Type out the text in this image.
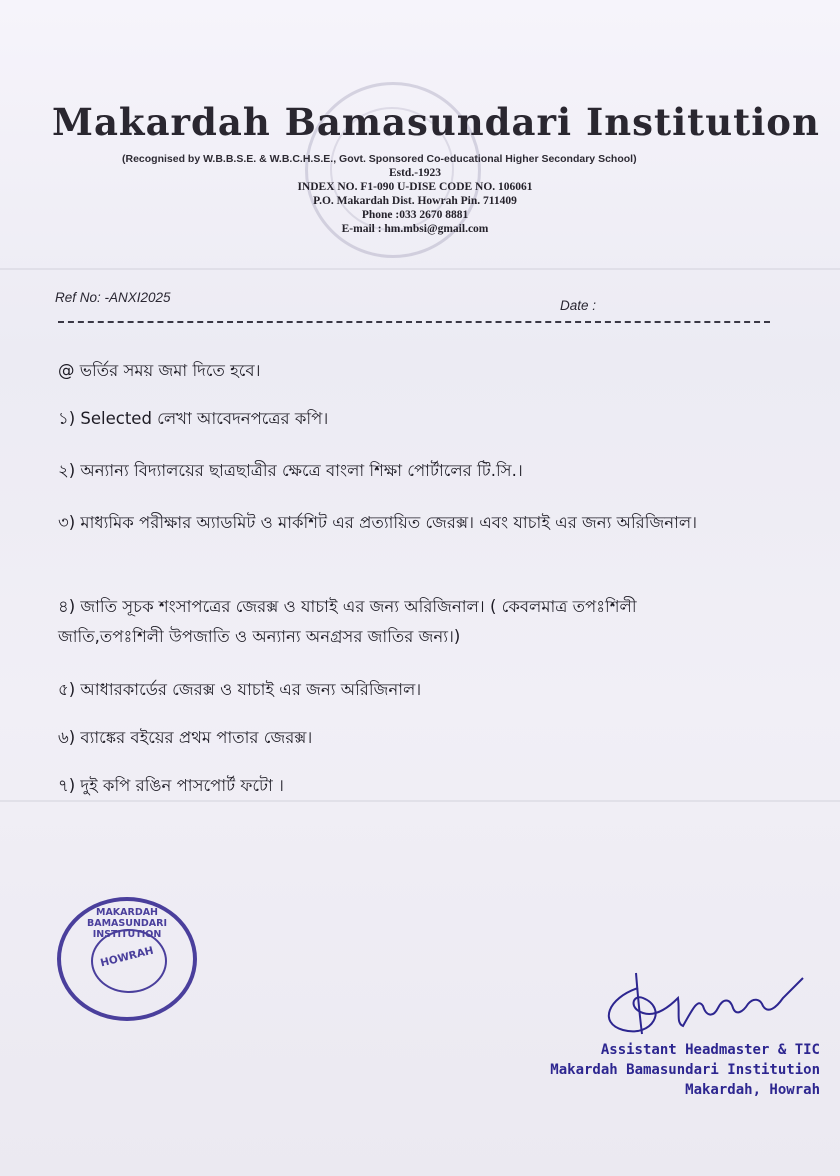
Makardah Bamasundari Institution
(Recognised by W.B.B.S.E. & W.B.C.H.S.E., Govt. Sponsored Co-educational Higher Secondary School)
Estd.-1923
INDEX NO. F1-090 U-DISE CODE NO. 106061
P.O. Makardah Dist. Howrah Pin. 711409
Phone :033 2670 8881
E-mail : hm.mbsi@gmail.com
Ref No: -ANXI2025
Date :
@ ভর্তির সময় জমা দিতে হবে।
১) Selected লেখা আবেদনপত্রের কপি।
২) অন্যান্য বিদ্যালয়ের ছাত্রছাত্রীর ক্ষেত্রে বাংলা শিক্ষা পোর্টালের টি.সি.।
৩) মাধ্যমিক পরীক্ষার অ্যাডমিট ও মার্কশিট এর প্রত্যায়িত জেরক্স। এবং যাচাই এর জন্য অরিজিনাল।
৪) জাতি সূচক শংসাপত্রের জেরক্স ও যাচাই এর জন্য অরিজিনাল। ( কেবলমাত্র তপঃশিলী জাতি,তপঃশিলী উপজাতি ও অন্যান্য অনগ্রসর জাতির জন্য।)
৫) আধারকার্ডের জেরক্স ও যাচাই এর জন্য অরিজিনাল।
৬) ব্যাঙ্কের বইয়ের প্রথম পাতার জেরক্স।
৭) দুই কপি রঙিন পাসপোর্ট ফটো ।
MAKARDAH BAMASUNDARI INSTITUTION
HOWRAH
Assistant Headmaster & TIC
Makardah Bamasundari Institution
Makardah, Howrah
